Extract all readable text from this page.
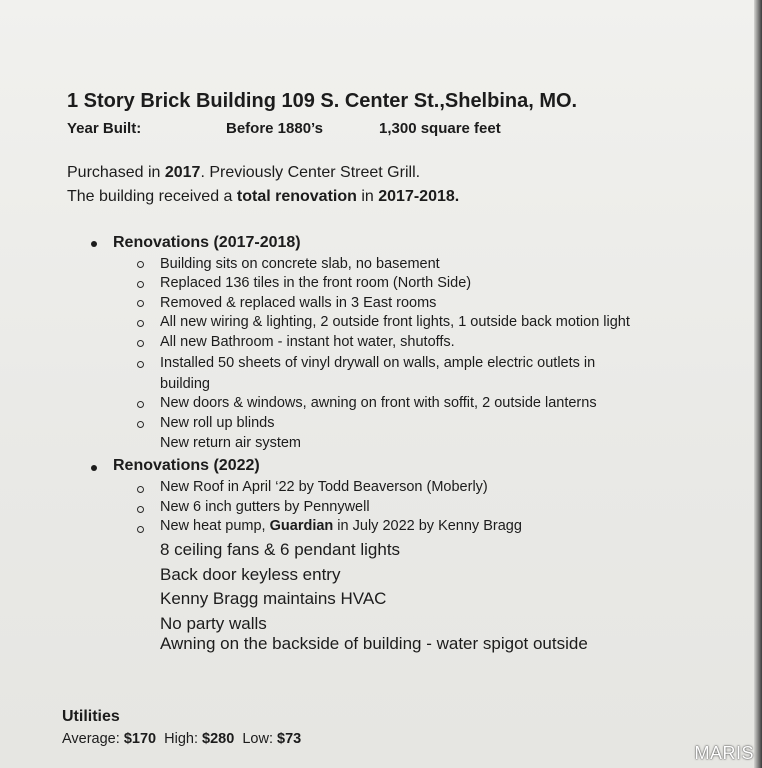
1 Story Brick Building 109 S. Center St.,Shelbina, MO.
Year Built:	Before 1880’s	1,300 square feet
Purchased in 2017. Previously Center Street Grill.
The building received a total renovation in 2017-2018.
Renovations (2017-2018)
Building sits on concrete slab, no basement
Replaced 136 tiles in the front room (North Side)
Removed & replaced walls in 3 East rooms
All new wiring & lighting, 2 outside front lights, 1 outside back motion light
All new Bathroom - instant hot water, shutoffs.
Installed 50 sheets of vinyl drywall on walls, ample electric outlets in
building
New doors & windows, awning on front with soffit, 2 outside lanterns
New roll up blinds
New return air system
Renovations (2022)
New Roof in April ‘22 by Todd Beaverson (Moberly)
New 6 inch gutters by Pennywell
New heat pump, Guardian in July 2022 by Kenny Bragg
8 ceiling fans & 6 pendant lights
Back door keyless entry
Kenny Bragg maintains HVAC
No party walls
Awning on the backside of building - water spigot outside
Utilities
Average: $170 High: $280 Low: $73
MARIS
